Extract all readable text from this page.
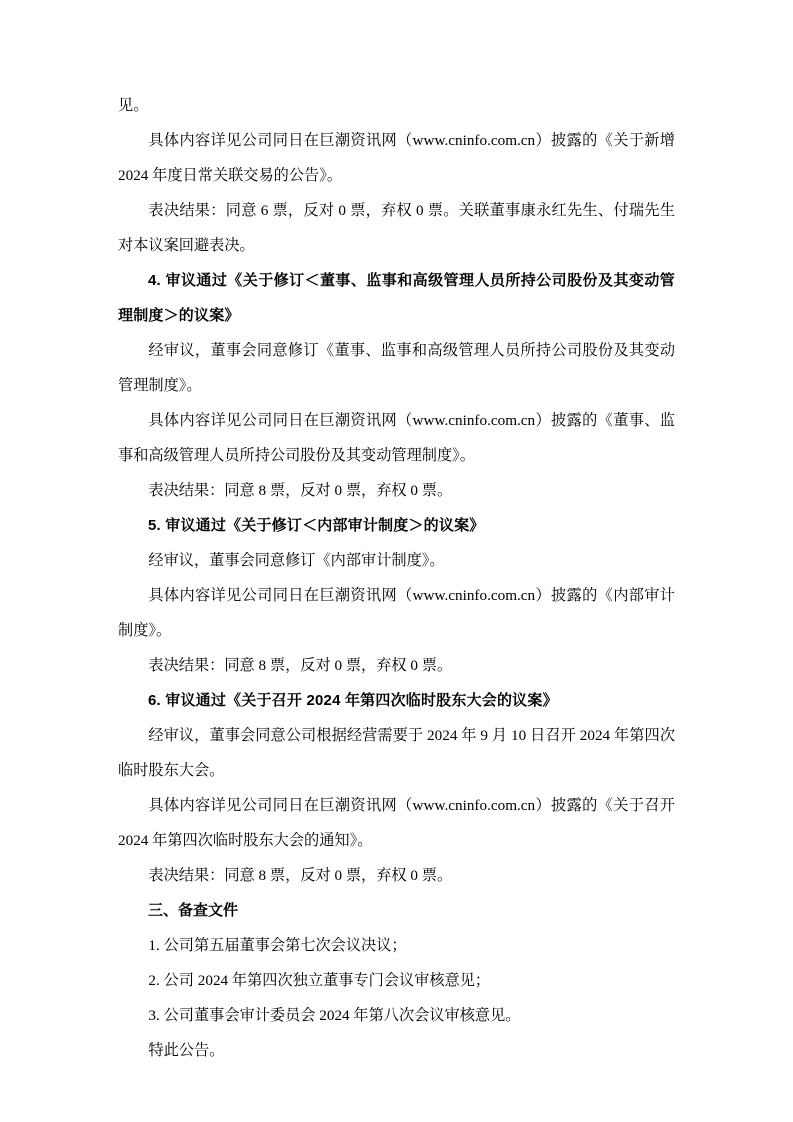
见。

具体内容详见公司同日在巨潮资讯网（www.cninfo.com.cn）披露的《关于新增 2024 年度日常关联交易的公告》。

表决结果：同意 6 票，反对 0 票，弃权 0 票。关联董事康永红先生、付瑞先生对本议案回避表决。

4. 审议通过《关于修订＜董事、监事和高级管理人员所持公司股份及其变动管理制度＞的议案》

经审议，董事会同意修订《董事、监事和高级管理人员所持公司股份及其变动管理制度》。

具体内容详见公司同日在巨潮资讯网（www.cninfo.com.cn）披露的《董事、监事和高级管理人员所持公司股份及其变动管理制度》。

表决结果：同意 8 票，反对 0 票，弃权 0 票。

5. 审议通过《关于修订＜内部审计制度＞的议案》

经审议，董事会同意修订《内部审计制度》。

具体内容详见公司同日在巨潮资讯网（www.cninfo.com.cn）披露的《内部审计制度》。

表决结果：同意 8 票，反对 0 票，弃权 0 票。

6. 审议通过《关于召开 2024 年第四次临时股东大会的议案》

经审议，董事会同意公司根据经营需要于 2024 年 9 月 10 日召开 2024 年第四次临时股东大会。

具体内容详见公司同日在巨潮资讯网（www.cninfo.com.cn）披露的《关于召开 2024 年第四次临时股东大会的通知》。

表决结果：同意 8 票，反对 0 票，弃权 0 票。

三、备查文件

1. 公司第五届董事会第七次会议决议；

2. 公司 2024 年第四次独立董事专门会议审核意见；

3. 公司董事会审计委员会 2024 年第八次会议审核意见。

特此公告。
